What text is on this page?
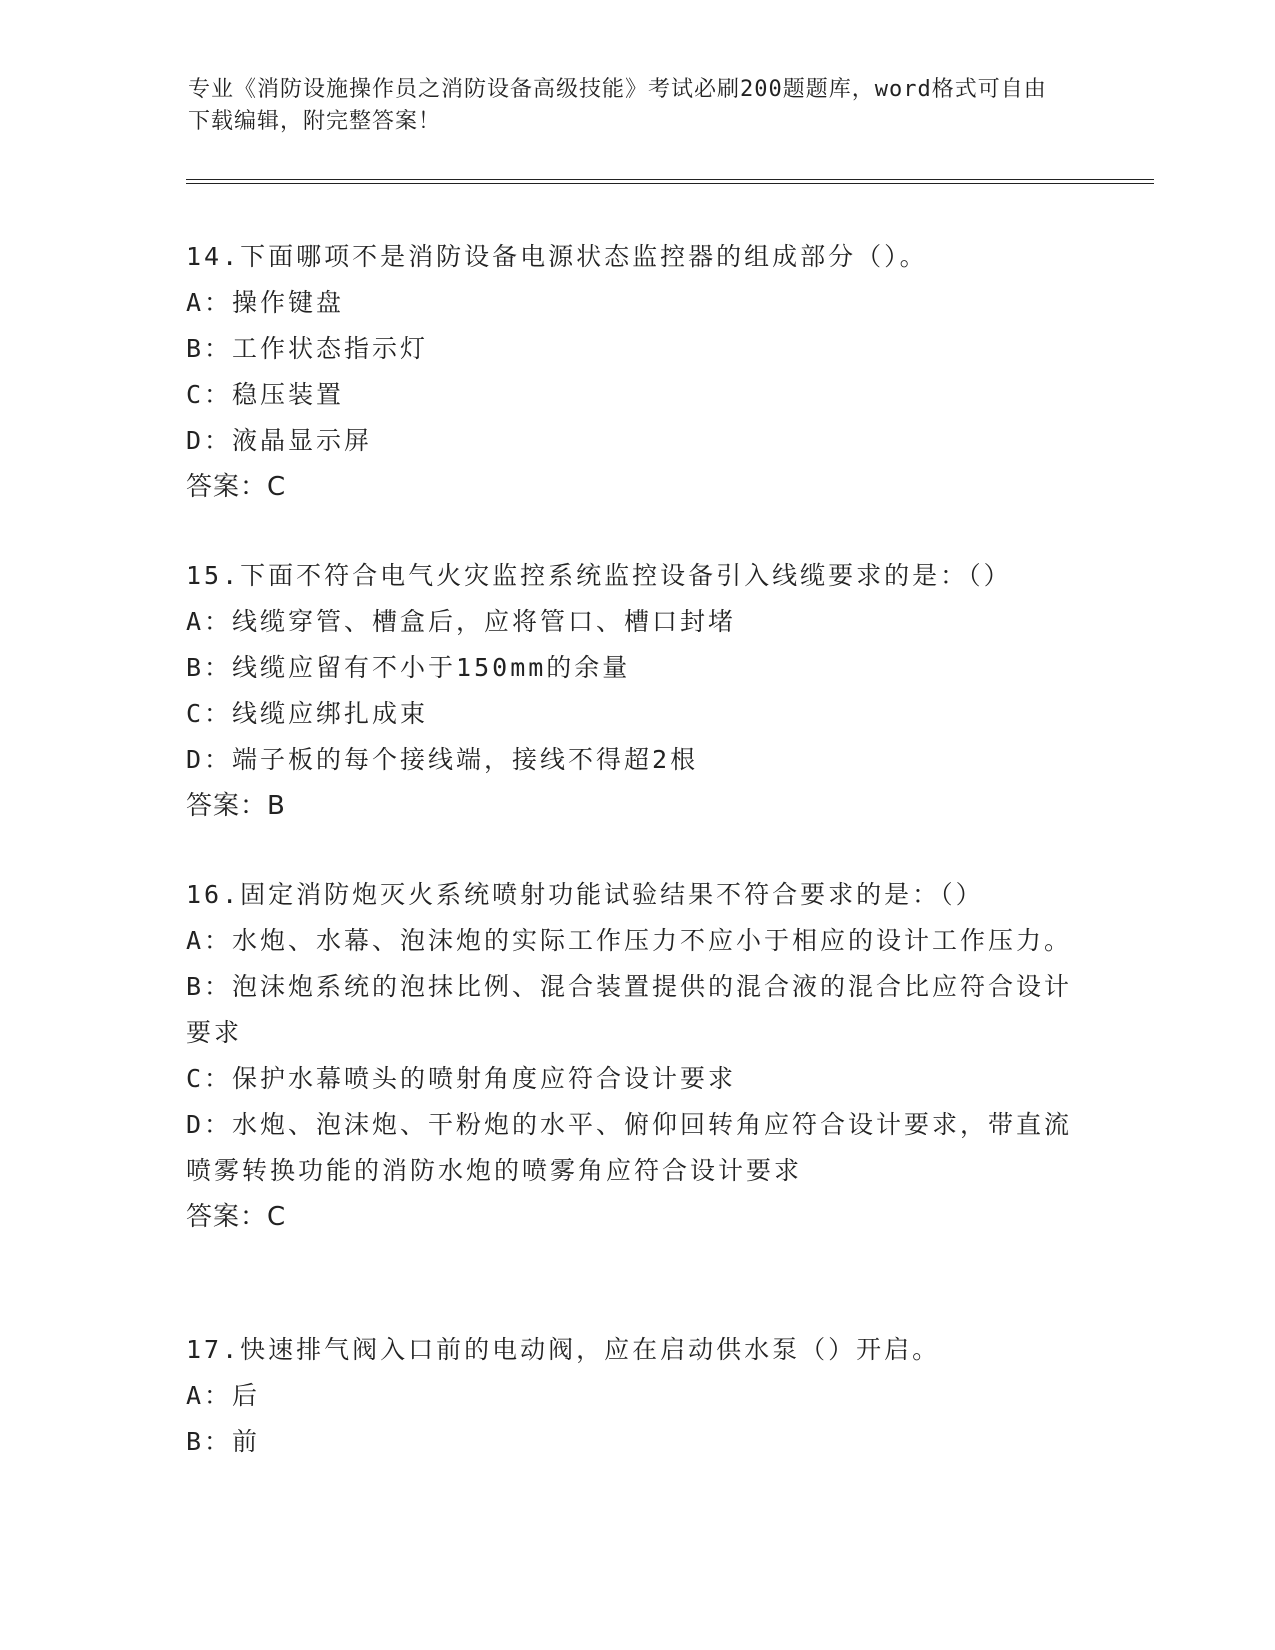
专业《消防设施操作员之消防设备高级技能》考试必刷200题题库，word格式可自由下载编辑，附完整答案！
14.下面哪项不是消防设备电源状态监控器的组成部分（）。
A：操作键盘
B：工作状态指示灯
C：稳压装置
D：液晶显示屏
答案：C
15.下面不符合电气火灾监控系统监控设备引入线缆要求的是：（）
A：线缆穿管、槽盒后，应将管口、槽口封堵
B：线缆应留有不小于150mm的余量
C：线缆应绑扎成束
D：端子板的每个接线端，接线不得超2根
答案：B
16.固定消防炮灭火系统喷射功能试验结果不符合要求的是：（）
A：水炮、水幕、泡沫炮的实际工作压力不应小于相应的设计工作压力。
B：泡沫炮系统的泡抹比例、混合装置提供的混合液的混合比应符合设计要求
C：保护水幕喷头的喷射角度应符合设计要求
D：水炮、泡沫炮、干粉炮的水平、俯仰回转角应符合设计要求，带直流喷雾转换功能的消防水炮的喷雾角应符合设计要求
答案：C
17.快速排气阀入口前的电动阀，应在启动供水泵（）开启。
A：后
B：前
